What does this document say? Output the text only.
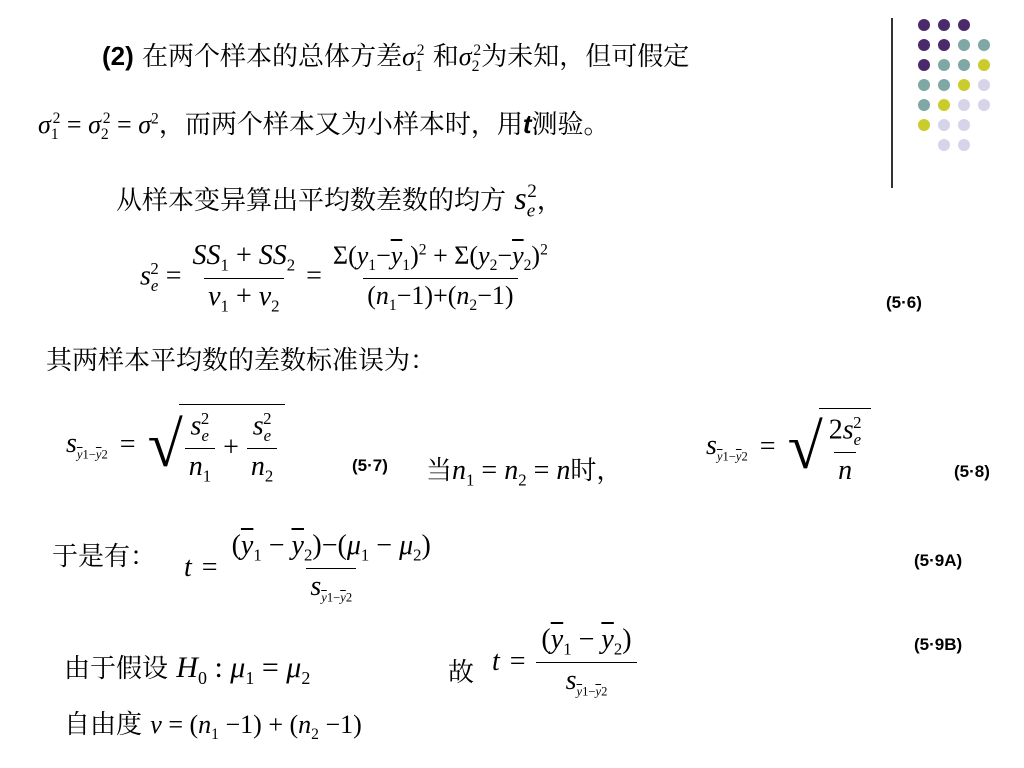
(2) 在两个样本的总体方差$\sigma_1^2$ 和$\sigma_2^2$为未知，但可假定
$\sigma_1^2 = \sigma_2^2 = \sigma^2$，而两个样本又为小样本时，用t测验。
从样本变异算出平均数差数的均方 $s_e^2$，
$s_e^2 = \frac{SS_1 + SS_2}{\nu_1 + \nu_2} = \frac{\Sigma(y_1-\overline{y}_1)^2 + \Sigma(y_2-\overline{y}_2)^2}{(n_1-1)+(n_2-1)}$	(5·6)
其两样本平均数的差数标准误为：
$s_{\overline{y}1-\overline{y}2}$ = √ $\frac{s_e^2}{n_1} + \frac{s_e^2}{n_2}$	(5·7) 当$n_1 = n_2 = n$时，
$s_{\overline{y}1-\overline{y}2}$ = √ $\frac{2s_e^2}{n}$	(5·8)
于是有： $t = \frac{(\overline{y}_1 - \overline{y}_2)-(\mu_1 - \mu_2)}{s_{\overline{y}1-\overline{y}2}}$	(5·9A)
由于假设 $H_0$ : $\mu_1 = \mu_2$	故 $t = \frac{(\overline{y}_1 - \overline{y}_2)}{s_{\overline{y}1-\overline{y}2}}$	(5·9B)
自由度 $v = (n_1 -1) + (n_2 -1)$
